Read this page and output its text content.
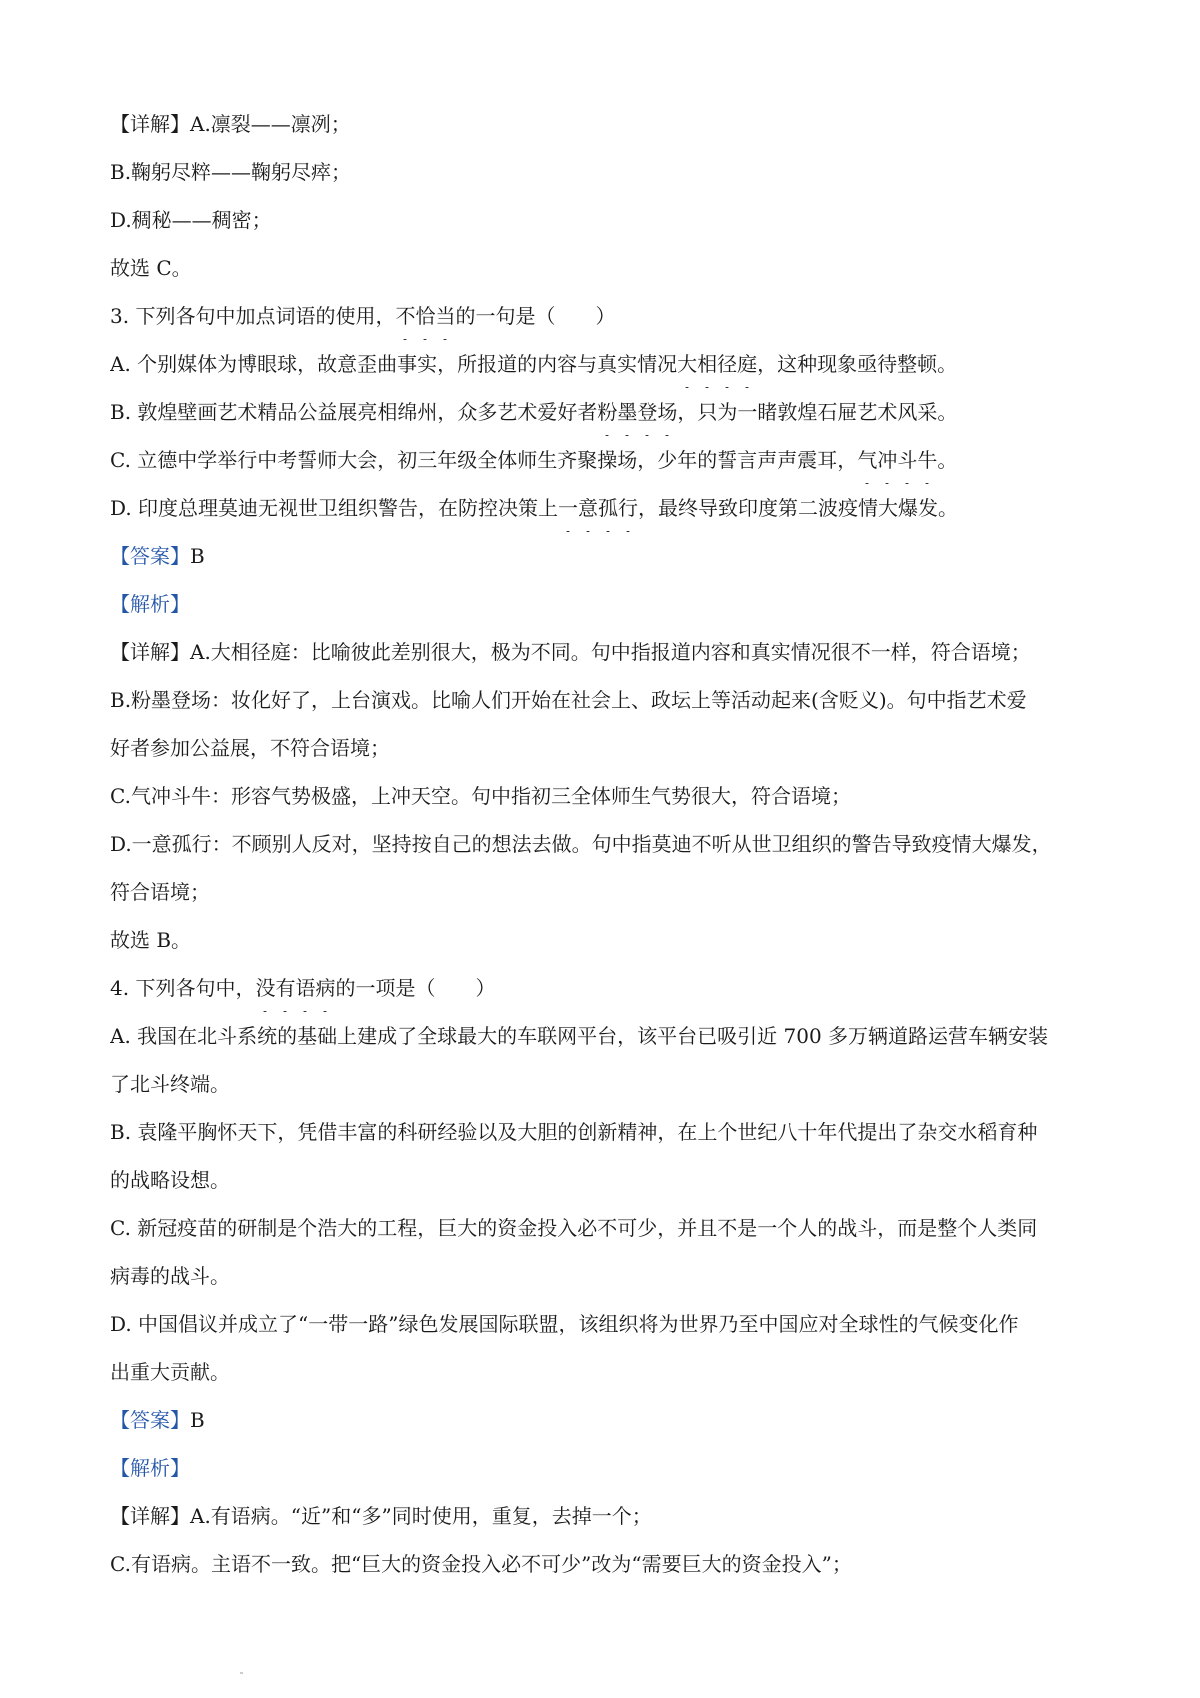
【详解】A.凛裂——凛冽；
B.鞠躬尽粹——鞠躬尽瘁；
D.稠秘——稠密；
故选 C。
3. 下列各句中加点词语的使用，不恰当的一句是（　　）
A. 个别媒体为博眼球，故意歪曲事实，所报道的内容与真实情况大相径庭，这种现象亟待整顿。
B. 敦煌壁画艺术精品公益展亮相绵州，众多艺术爱好者粉墨登场，只为一睹敦煌石屉艺术风采。
C. 立德中学举行中考誓师大会，初三年级全体师生齐聚操场，少年的誓言声声震耳，气冲斗牛。
D. 印度总理莫迪无视世卫组织警告，在防控决策上一意孤行，最终导致印度第二波疫情大爆发。
【答案】B
【解析】
【详解】A.大相径庭：比喻彼此差别很大，极为不同。句中指报道内容和真实情况很不一样，符合语境；
B.粉墨登场：妆化好了，上台演戏。比喻人们开始在社会上、政坛上等活动起来(含贬义)。句中指艺术爱
好者参加公益展，不符合语境；
C.气冲斗牛：形容气势极盛，上冲天空。句中指初三全体师生气势很大，符合语境；
D.一意孤行：不顾别人反对，坚持按自己的想法去做。句中指莫迪不听从世卫组织的警告导致疫情大爆发，
符合语境；
故选 B。
4. 下列各句中，没有语病的一项是（　　）
A. 我国在北斗系统的基础上建成了全球最大的车联网平台，该平台已吸引近 700 多万辆道路运营车辆安装
了北斗终端。
B. 袁隆平胸怀天下，凭借丰富的科研经验以及大胆的创新精神，在上个世纪八十年代提出了杂交水稻育种
的战略设想。
C. 新冠疫苗的研制是个浩大的工程，巨大的资金投入必不可少，并且不是一个人的战斗，而是整个人类同
病毒的战斗。
D. 中国倡议并成立了“一带一路”绿色发展国际联盟，该组织将为世界乃至中国应对全球性的气候变化作
出重大贡献。
【答案】B
【解析】
【详解】A.有语病。“近”和“多”同时使用，重复，去掉一个；
C.有语病。主语不一致。把“巨大的资金投入必不可少”改为“需要巨大的资金投入”；
